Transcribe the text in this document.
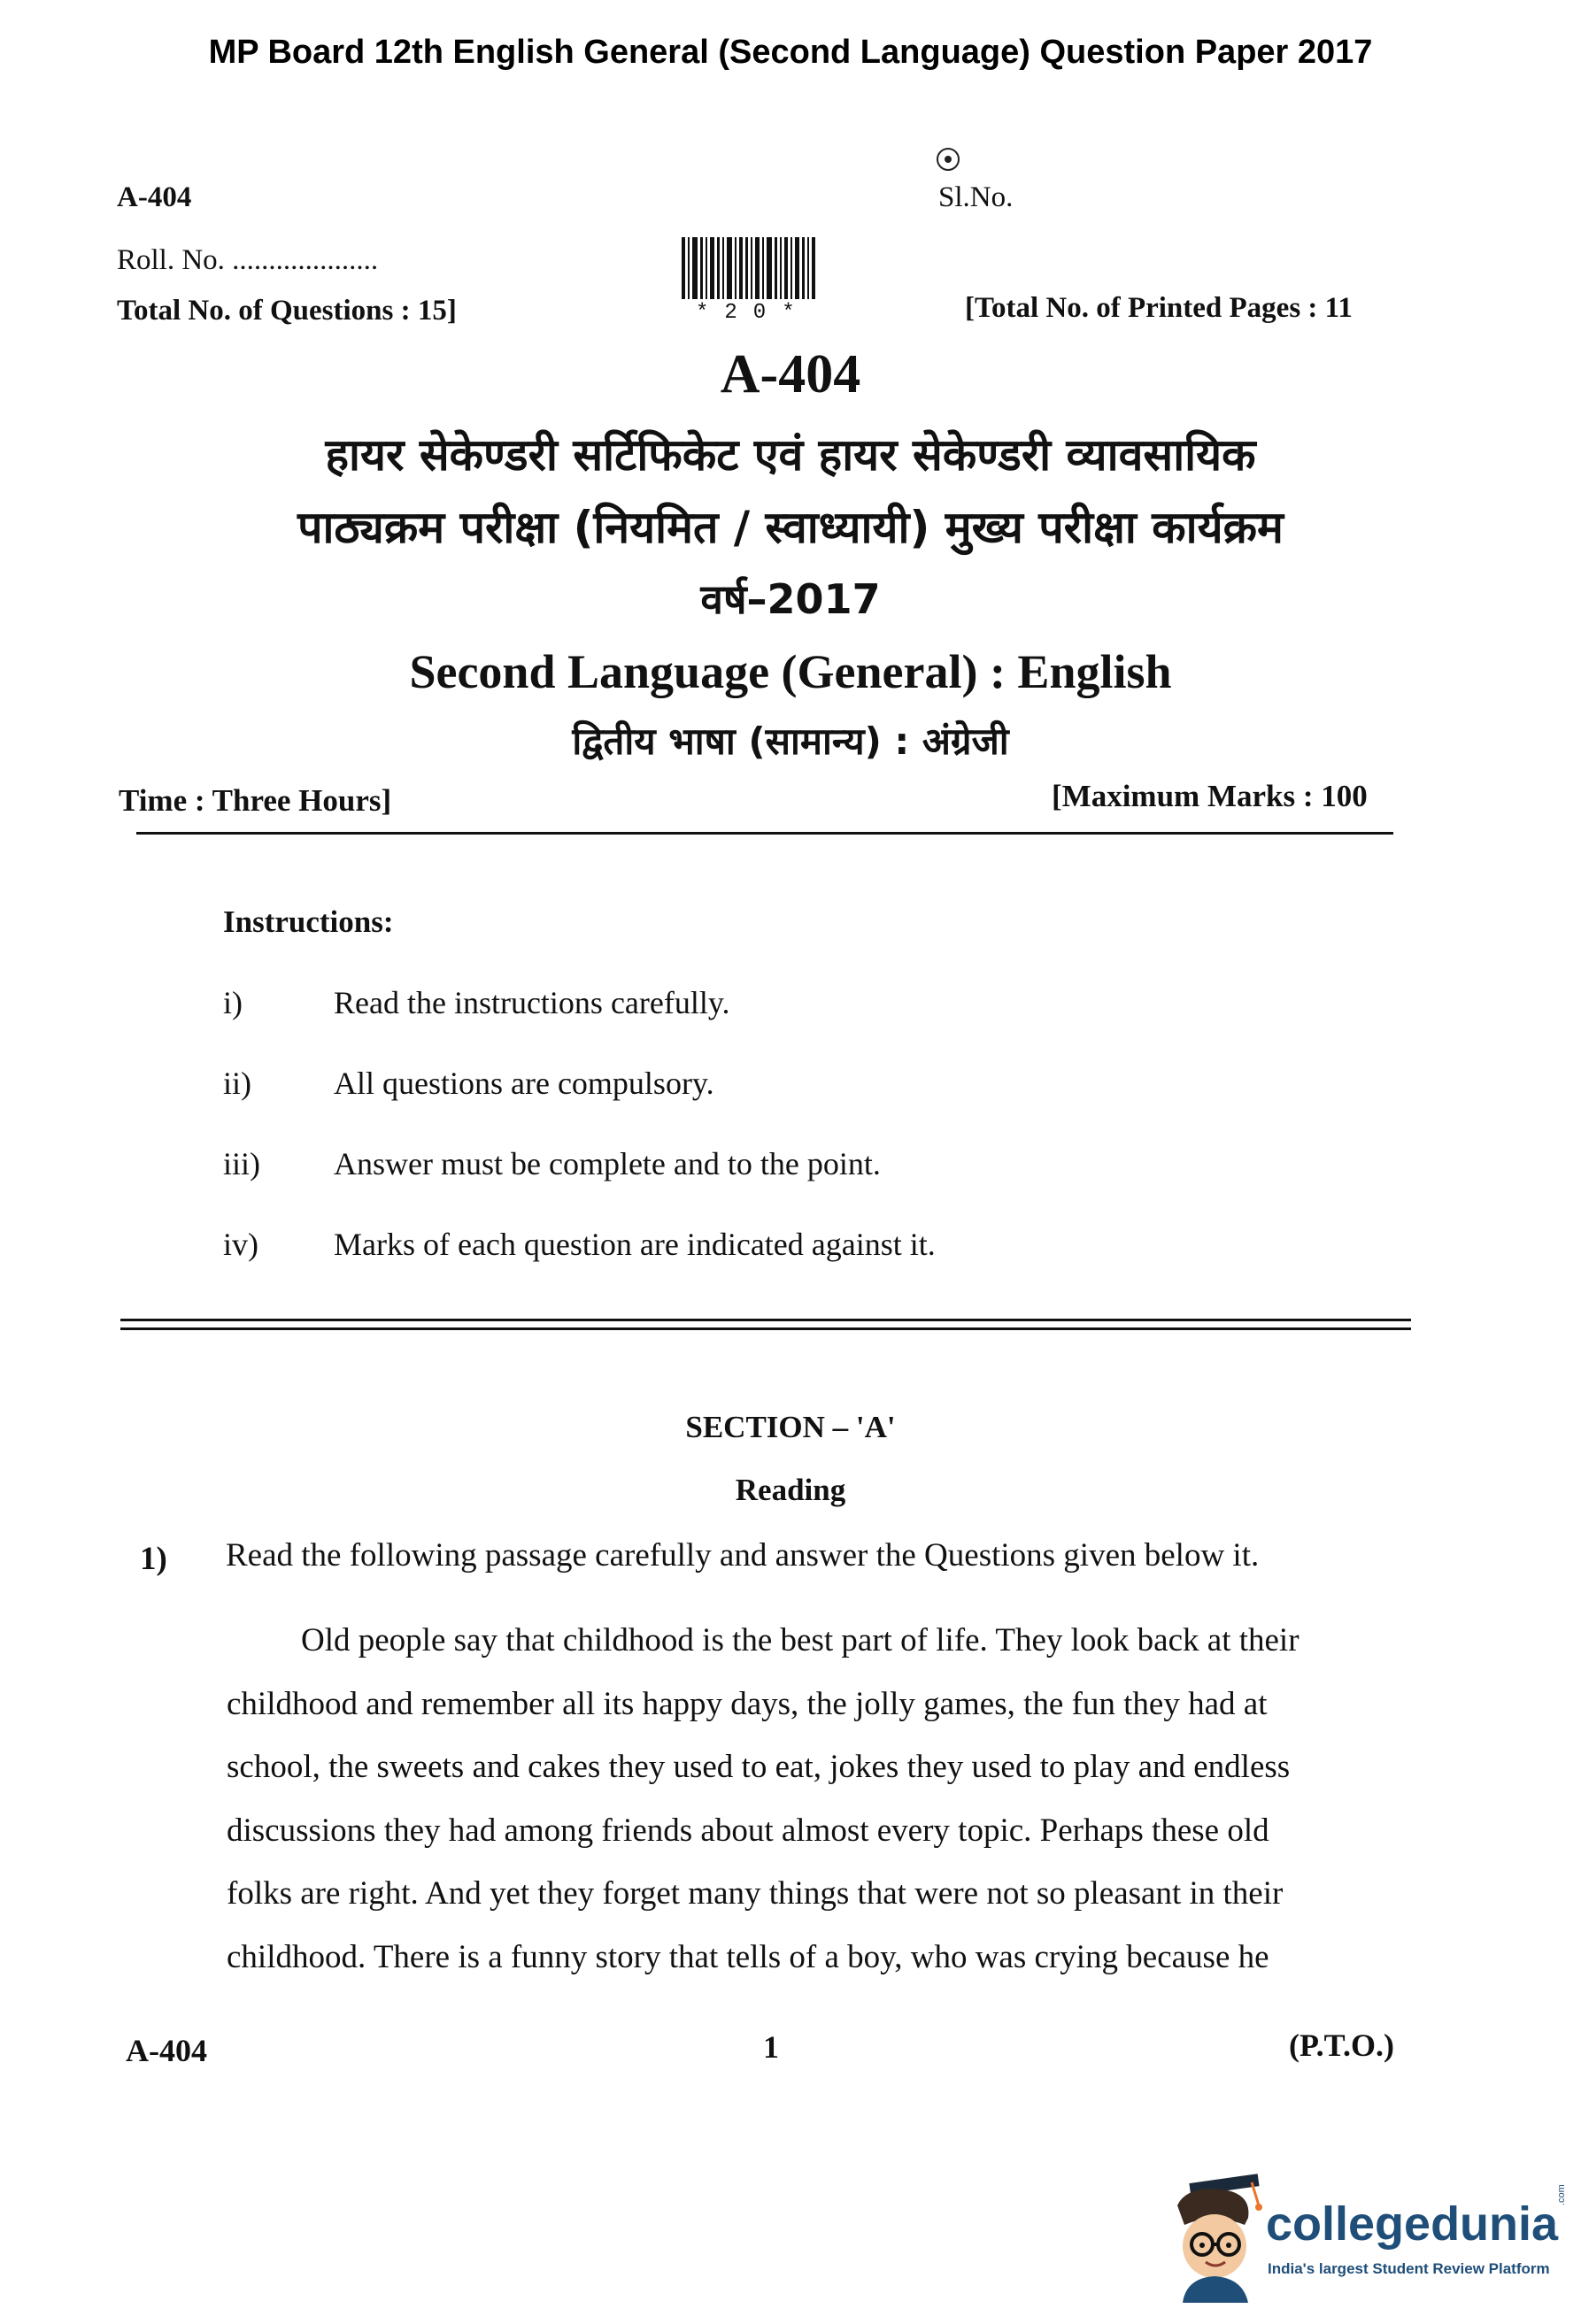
MP Board 12th English General (Second Language) Question Paper 2017
A-404	Sl.No.
Roll. No. ....................
*20*
Total No. of Questions : 15]	[Total No. of Printed Pages : 11
A-404
हायर सेकेण्डरी सर्टिफिकेट एवं हायर सेकेण्डरी व्यावसायिक
पाठ्यक्रम परीक्षा (नियमित / स्वाध्यायी) मुख्य परीक्षा कार्यक्रम
वर्ष–2017
Second Language (General) : English
द्वितीय भाषा (सामान्य) : अंग्रेजी
Time : Three Hours]	[Maximum Marks : 100
Instructions:
i)	Read the instructions carefully.
ii)	All questions are compulsory.
iii) Answer must be complete and to the point.
iv) Marks of each question are indicated against it.
SECTION – 'A'
Reading
1) Read the following passage carefully and answer the Questions given below it.
Old people say that childhood is the best part of life. They look back at their
childhood and remember all its happy days, the jolly games, the fun they had at
school, the sweets and cakes they used to eat, jokes they used to play and endless
discussions they had among friends about almost every topic. Perhaps these old
folks are right. And yet they forget many things that were not so pleasant in their
childhood. There is a funny story that tells of a boy, who was crying because he
A-404	1	(P.T.O.)
collegedunia
.com
India's largest Student Review Platform
